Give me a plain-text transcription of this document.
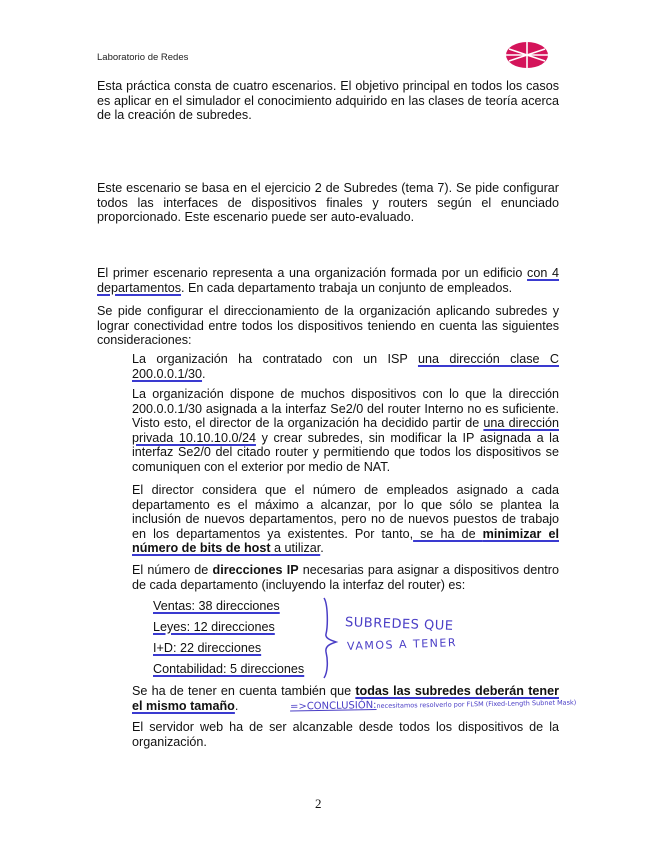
Laboratorio de Redes

Esta práctica consta de cuatro escenarios. El objetivo principal en todos los casos es aplicar en el simulador el conocimiento adquirido en las clases de teoría acerca de la creación de subredes.

Este escenario se basa en el ejercicio 2 de Subredes (tema 7). Se pide configurar todos las interfaces de dispositivos finales y routers según el enunciado proporcionado. Este escenario puede ser auto-evaluado.

El primer escenario representa a una organización formada por un edificio con 4 departamentos. En cada departamento trabaja un conjunto de empleados.

Se pide configurar el direccionamiento de la organización aplicando subredes y lograr conectividad entre todos los dispositivos teniendo en cuenta las siguientes consideraciones:

La organización ha contratado con un ISP una dirección clase C 200.0.0.1/30.

La organización dispone de muchos dispositivos con lo que la dirección 200.0.0.1/30 asignada a la interfaz Se2/0 del router Interno no es suficiente. Visto esto, el director de la organización ha decidido partir de una dirección privada 10.10.10.0/24 y crear subredes, sin modificar la IP asignada a la interfaz Se2/0 del citado router y permitiendo que todos los dispositivos se comuniquen con el exterior por medio de NAT.

El director considera que el número de empleados asignado a cada departamento es el máximo a alcanzar, por lo que sólo se plantea la inclusión de nuevos departamentos, pero no de nuevos puestos de trabajo en los departamentos ya existentes. Por tanto, se ha de minimizar el número de bits de host a utilizar.

El número de direcciones IP necesarias para asignar a dispositivos dentro de cada departamento (incluyendo la interfaz del router) es:

Ventas: 38 direcciones
Leyes: 12 direcciones
I+D: 22 direcciones
Contabilidad: 5 direcciones
SUBREDES QUE
VAMOS A TENER

Se ha de tener en cuenta también que todas las subredes deberán tener el mismo tamaño.	=>CONCLUSIÓN:necesitamos resolverlo por FLSM (Fixed-Length Subnet Mask)

El servidor web ha de ser alcanzable desde todos los dispositivos de la organización.

2
